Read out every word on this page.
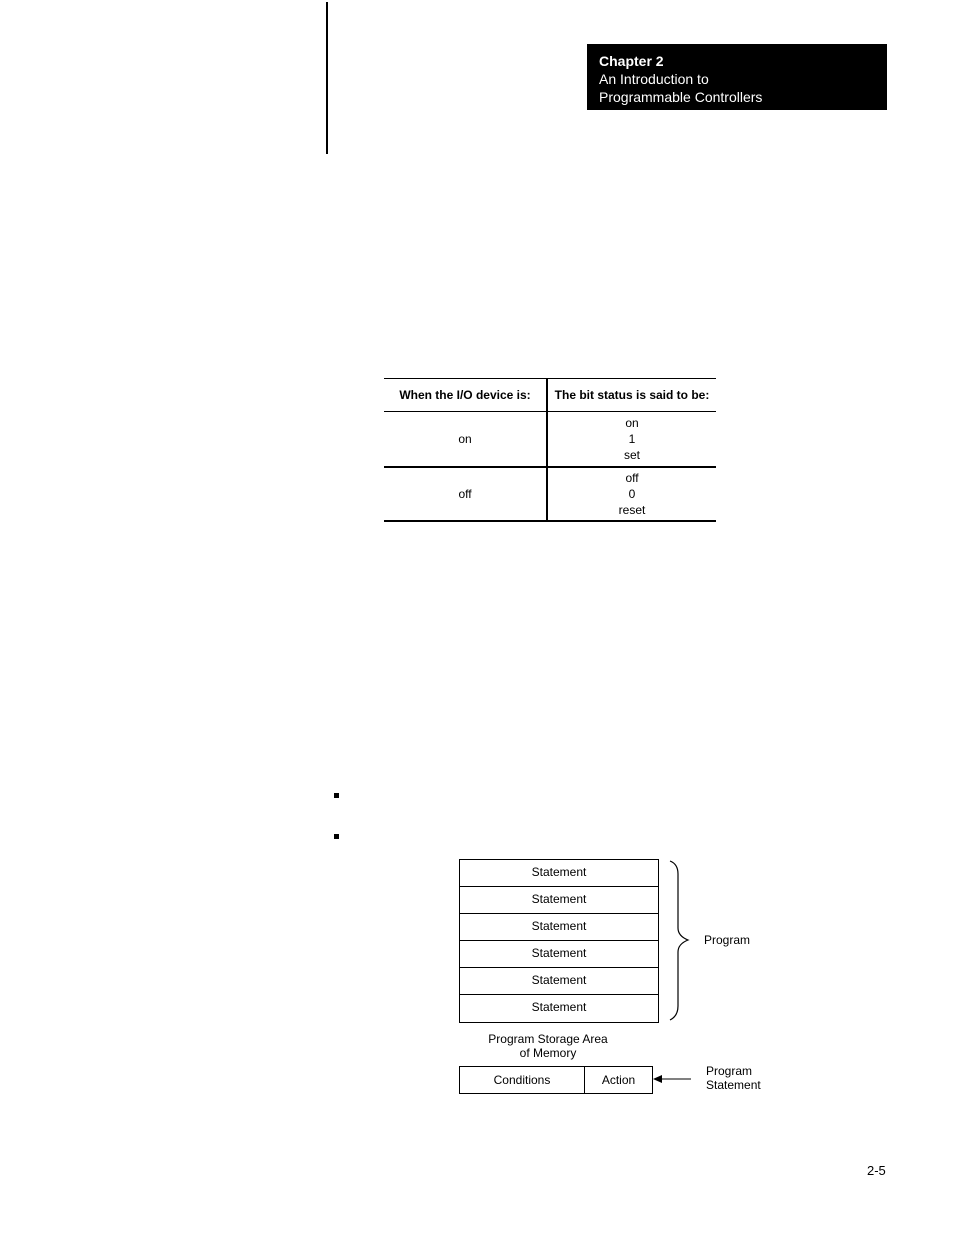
Chapter 2
An Introduction to
Programmable Controllers
When the I/O device is:	The bit status is said to be:
on	on
1
set

off	off
0
reset
Statement
Statement
Statement
Statement
Statement
Statement
Program
Program Storage Area
of Memory
Conditions	Action
Program
Statement
2-5
